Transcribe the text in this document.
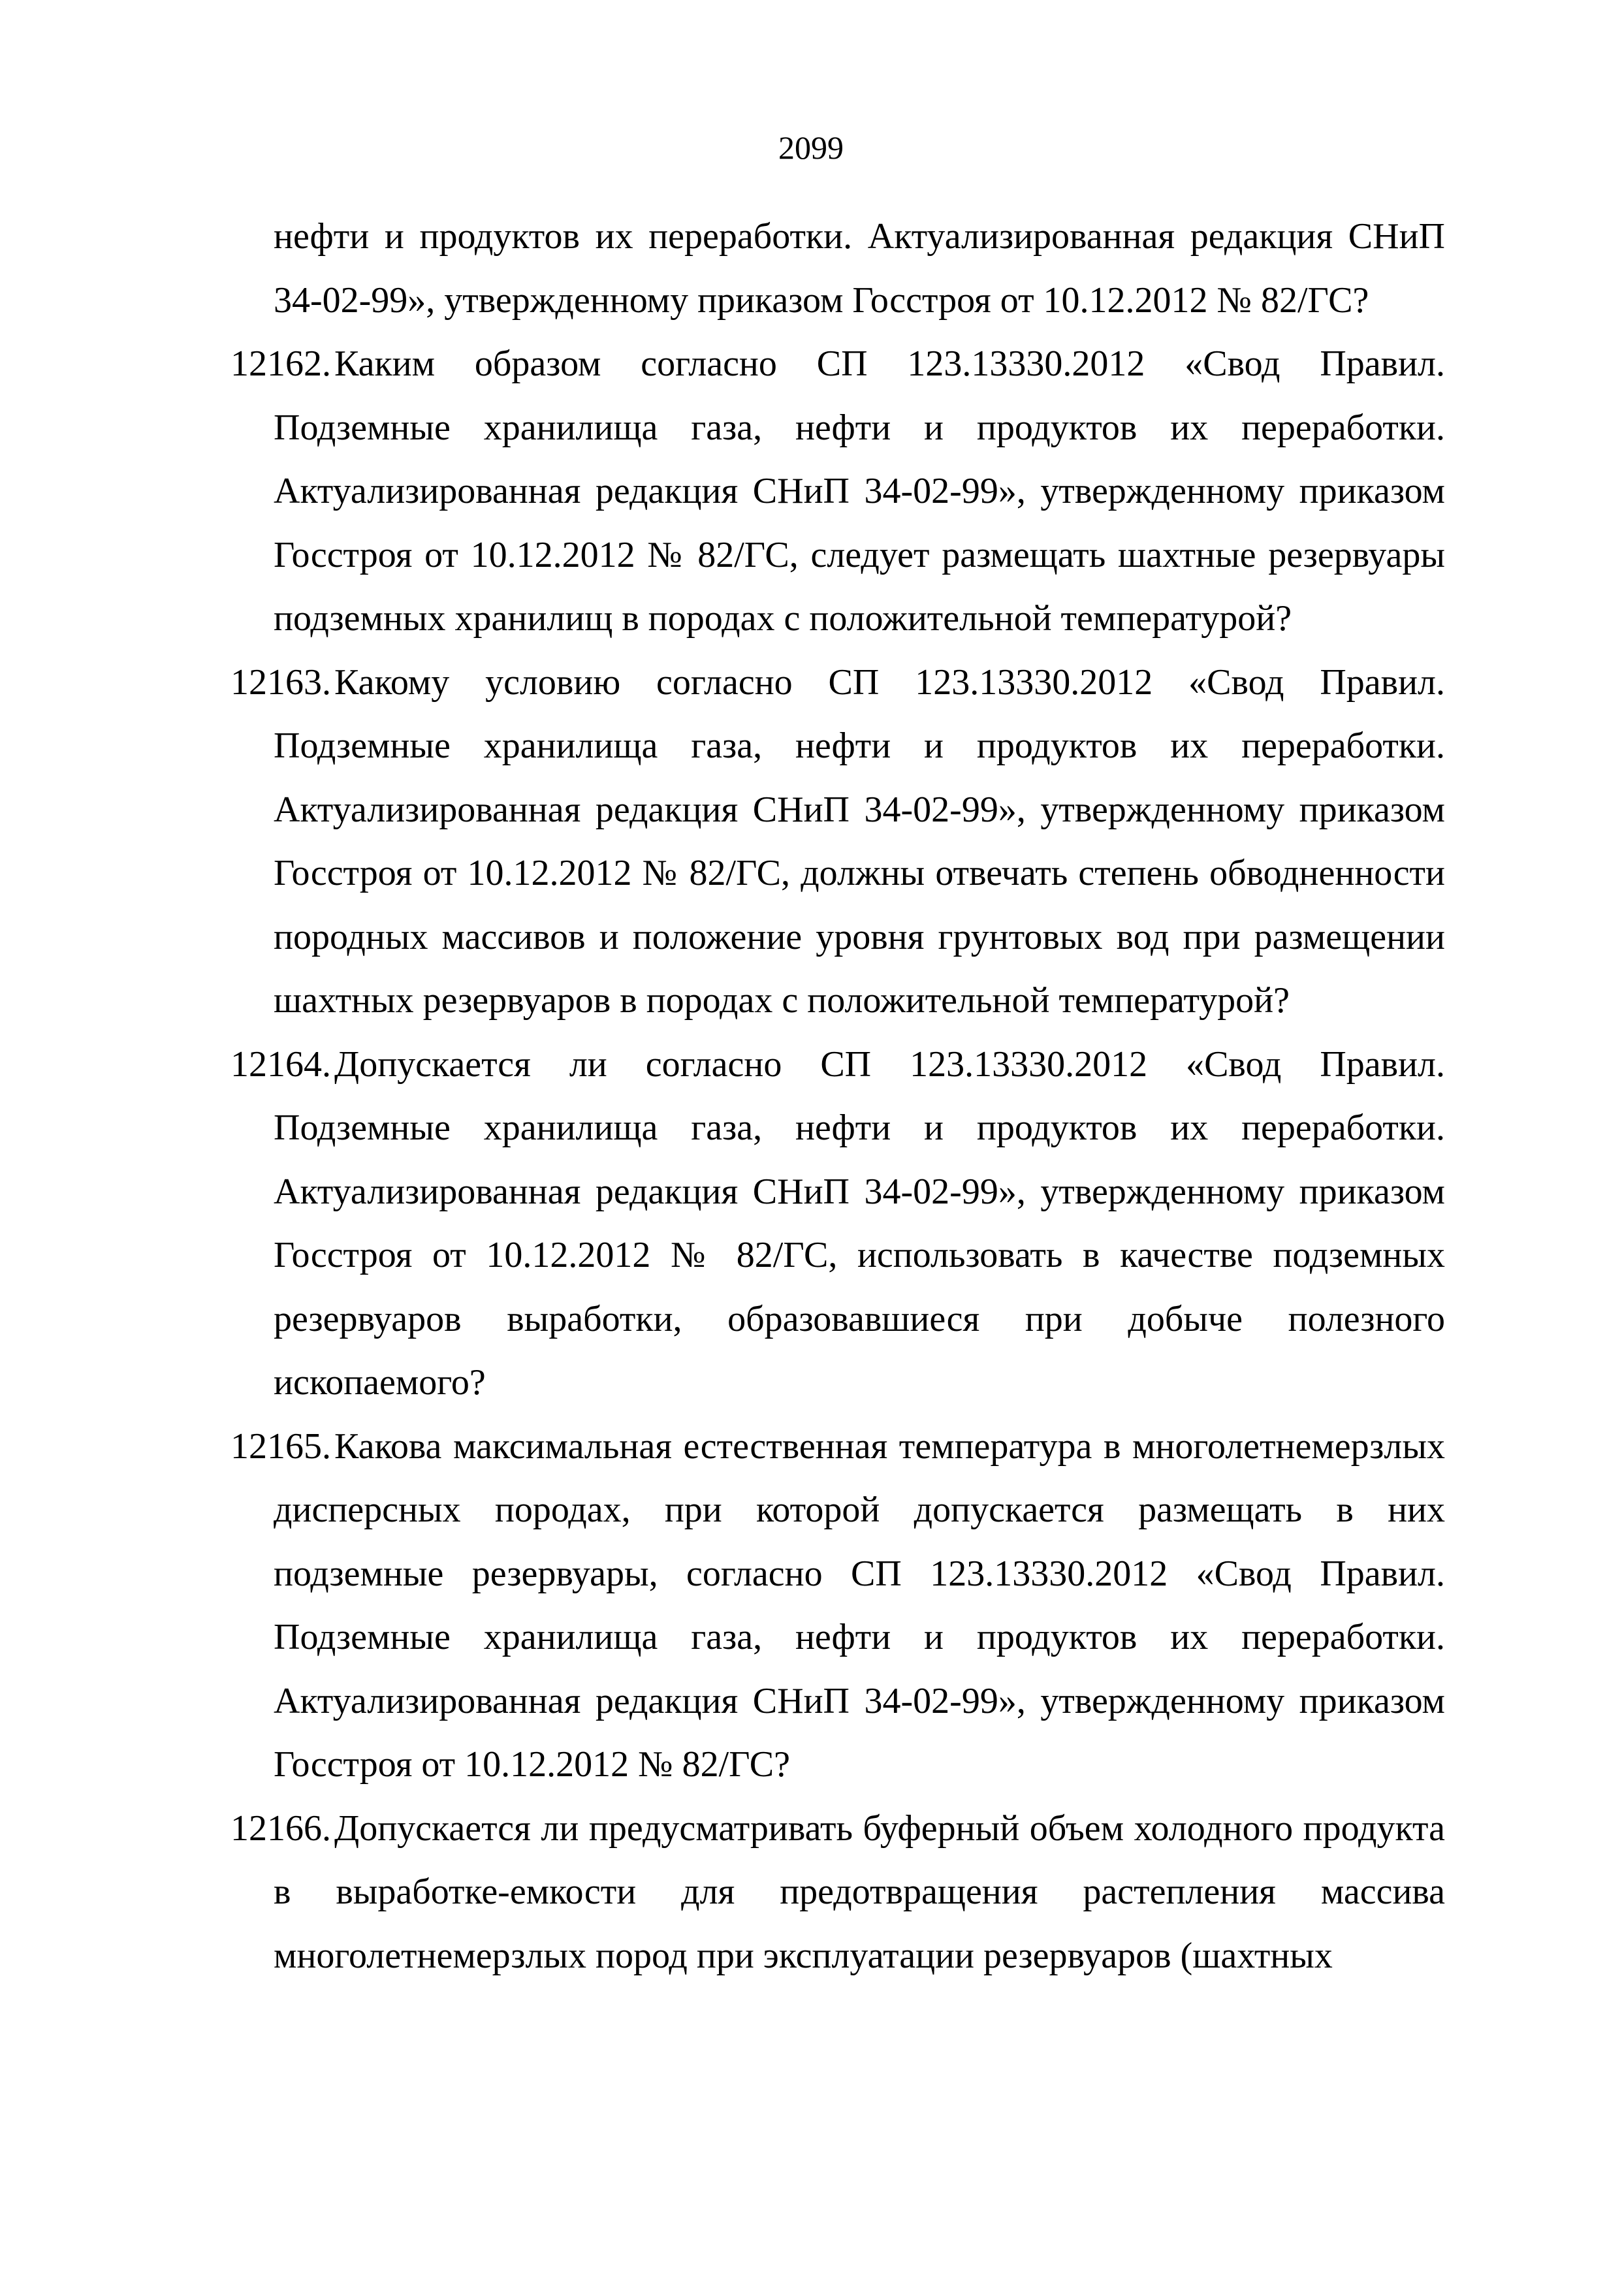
2099
нефти и продуктов их переработки. Актуализированная редакция СНиП 34-02-99», утвержденному приказом Госстроя от 10.12.2012 № 82/ГС?
12162. Каким образом согласно СП 123.13330.2012 «Свод Правил. Подземные хранилища газа, нефти и продуктов их переработки. Актуализированная редакция СНиП 34-02-99», утвержденному приказом Госстроя от 10.12.2012 № 82/ГС, следует размещать шахтные резервуары подземных хранилищ в породах с положительной температурой?
12163. Какому условию согласно СП 123.13330.2012 «Свод Правил. Подземные хранилища газа, нефти и продуктов их переработки. Актуализированная редакция СНиП 34-02-99», утвержденному приказом Госстроя от 10.12.2012 № 82/ГС, должны отвечать степень обводненности породных массивов и положение уровня грунтовых вод при размещении шахтных резервуаров в породах с положительной температурой?
12164. Допускается ли согласно СП 123.13330.2012 «Свод Правил. Подземные хранилища газа, нефти и продуктов их переработки. Актуализированная редакция СНиП 34-02-99», утвержденному приказом Госстроя от 10.12.2012 № 82/ГС, использовать в качестве подземных резервуаров выработки, образовавшиеся при добыче полезного ископаемого?
12165. Какова максимальная естественная температура в многолетнемерзлых дисперсных породах, при которой допускается размещать в них подземные резервуары, согласно СП 123.13330.2012 «Свод Правил. Подземные хранилища газа, нефти и продуктов их переработки. Актуализированная редакция СНиП 34-02-99», утвержденному приказом Госстроя от 10.12.2012 № 82/ГС?
12166. Допускается ли предусматривать буферный объем холодного продукта в выработке-емкости для предотвращения растепления массива многолетнемерзлых пород при эксплуатации резервуаров (шахтных
